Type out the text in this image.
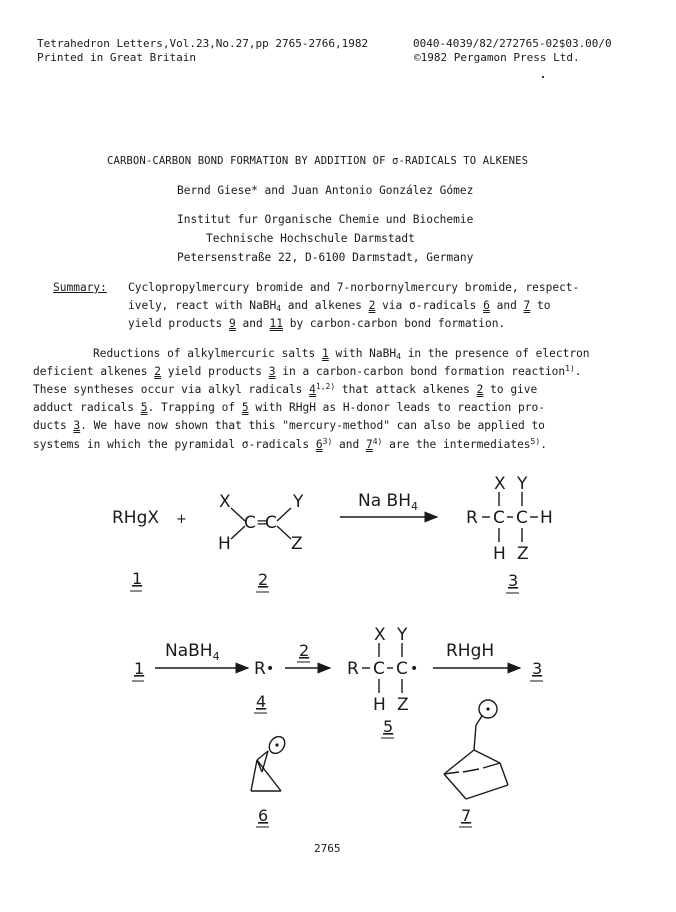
Tetrahedron Letters,Vol.23,No.27,pp 2765-2766,1982	0040-4039/82/272765-02$03.00/0
Printed in Great Britain	©1982 Pergamon Press Ltd.
CARBON-CARBON BOND FORMATION BY ADDITION OF σ-RADICALS TO ALKENES
Bernd Giese* and Juan Antonio González Gómez
Institut fur Organische Chemie und Biochemie
Technische Hochschule Darmstadt
Petersenstraße 22, D-6100 Darmstadt, Germany
Summary: Cyclopropylmercury bromide and 7-norbornylmercury bromide, respect-
ively, react with NaBH$_4$ and alkenes 2 via σ-radicals 6 and 7 to
yield products 9 and 11 by carbon-carbon bond formation.
Reductions of alkylmercuric salts 1 with NaBH$_4$ in the presence of electron
deficient alkenes 2 yield products 3 in a carbon-carbon bond formation reaction$^{1)}$.
These syntheses occur via alkyl radicals 4$^{1,2)}$ that attack alkenes 2 to give
adduct radicals 5. Trapping of 5 with RHgH as H-donor leads to reaction pro-
ducts 3. We have now shown that this "mercury-method" can also be applied to
systems in which the pyramidal σ-radicals 6$^{3)}$ and 7$^{4)}$ are the intermediates$^{5)}$.
RHgX +
X	Y
C =
C
H	Z
Na $BH_4$
R C C H
X Y
H Z
1	2	3
1
NaBH$_4$
R •
2
R C C •
X Y
H Z
RHgH
3
4
5
6	7
2765
